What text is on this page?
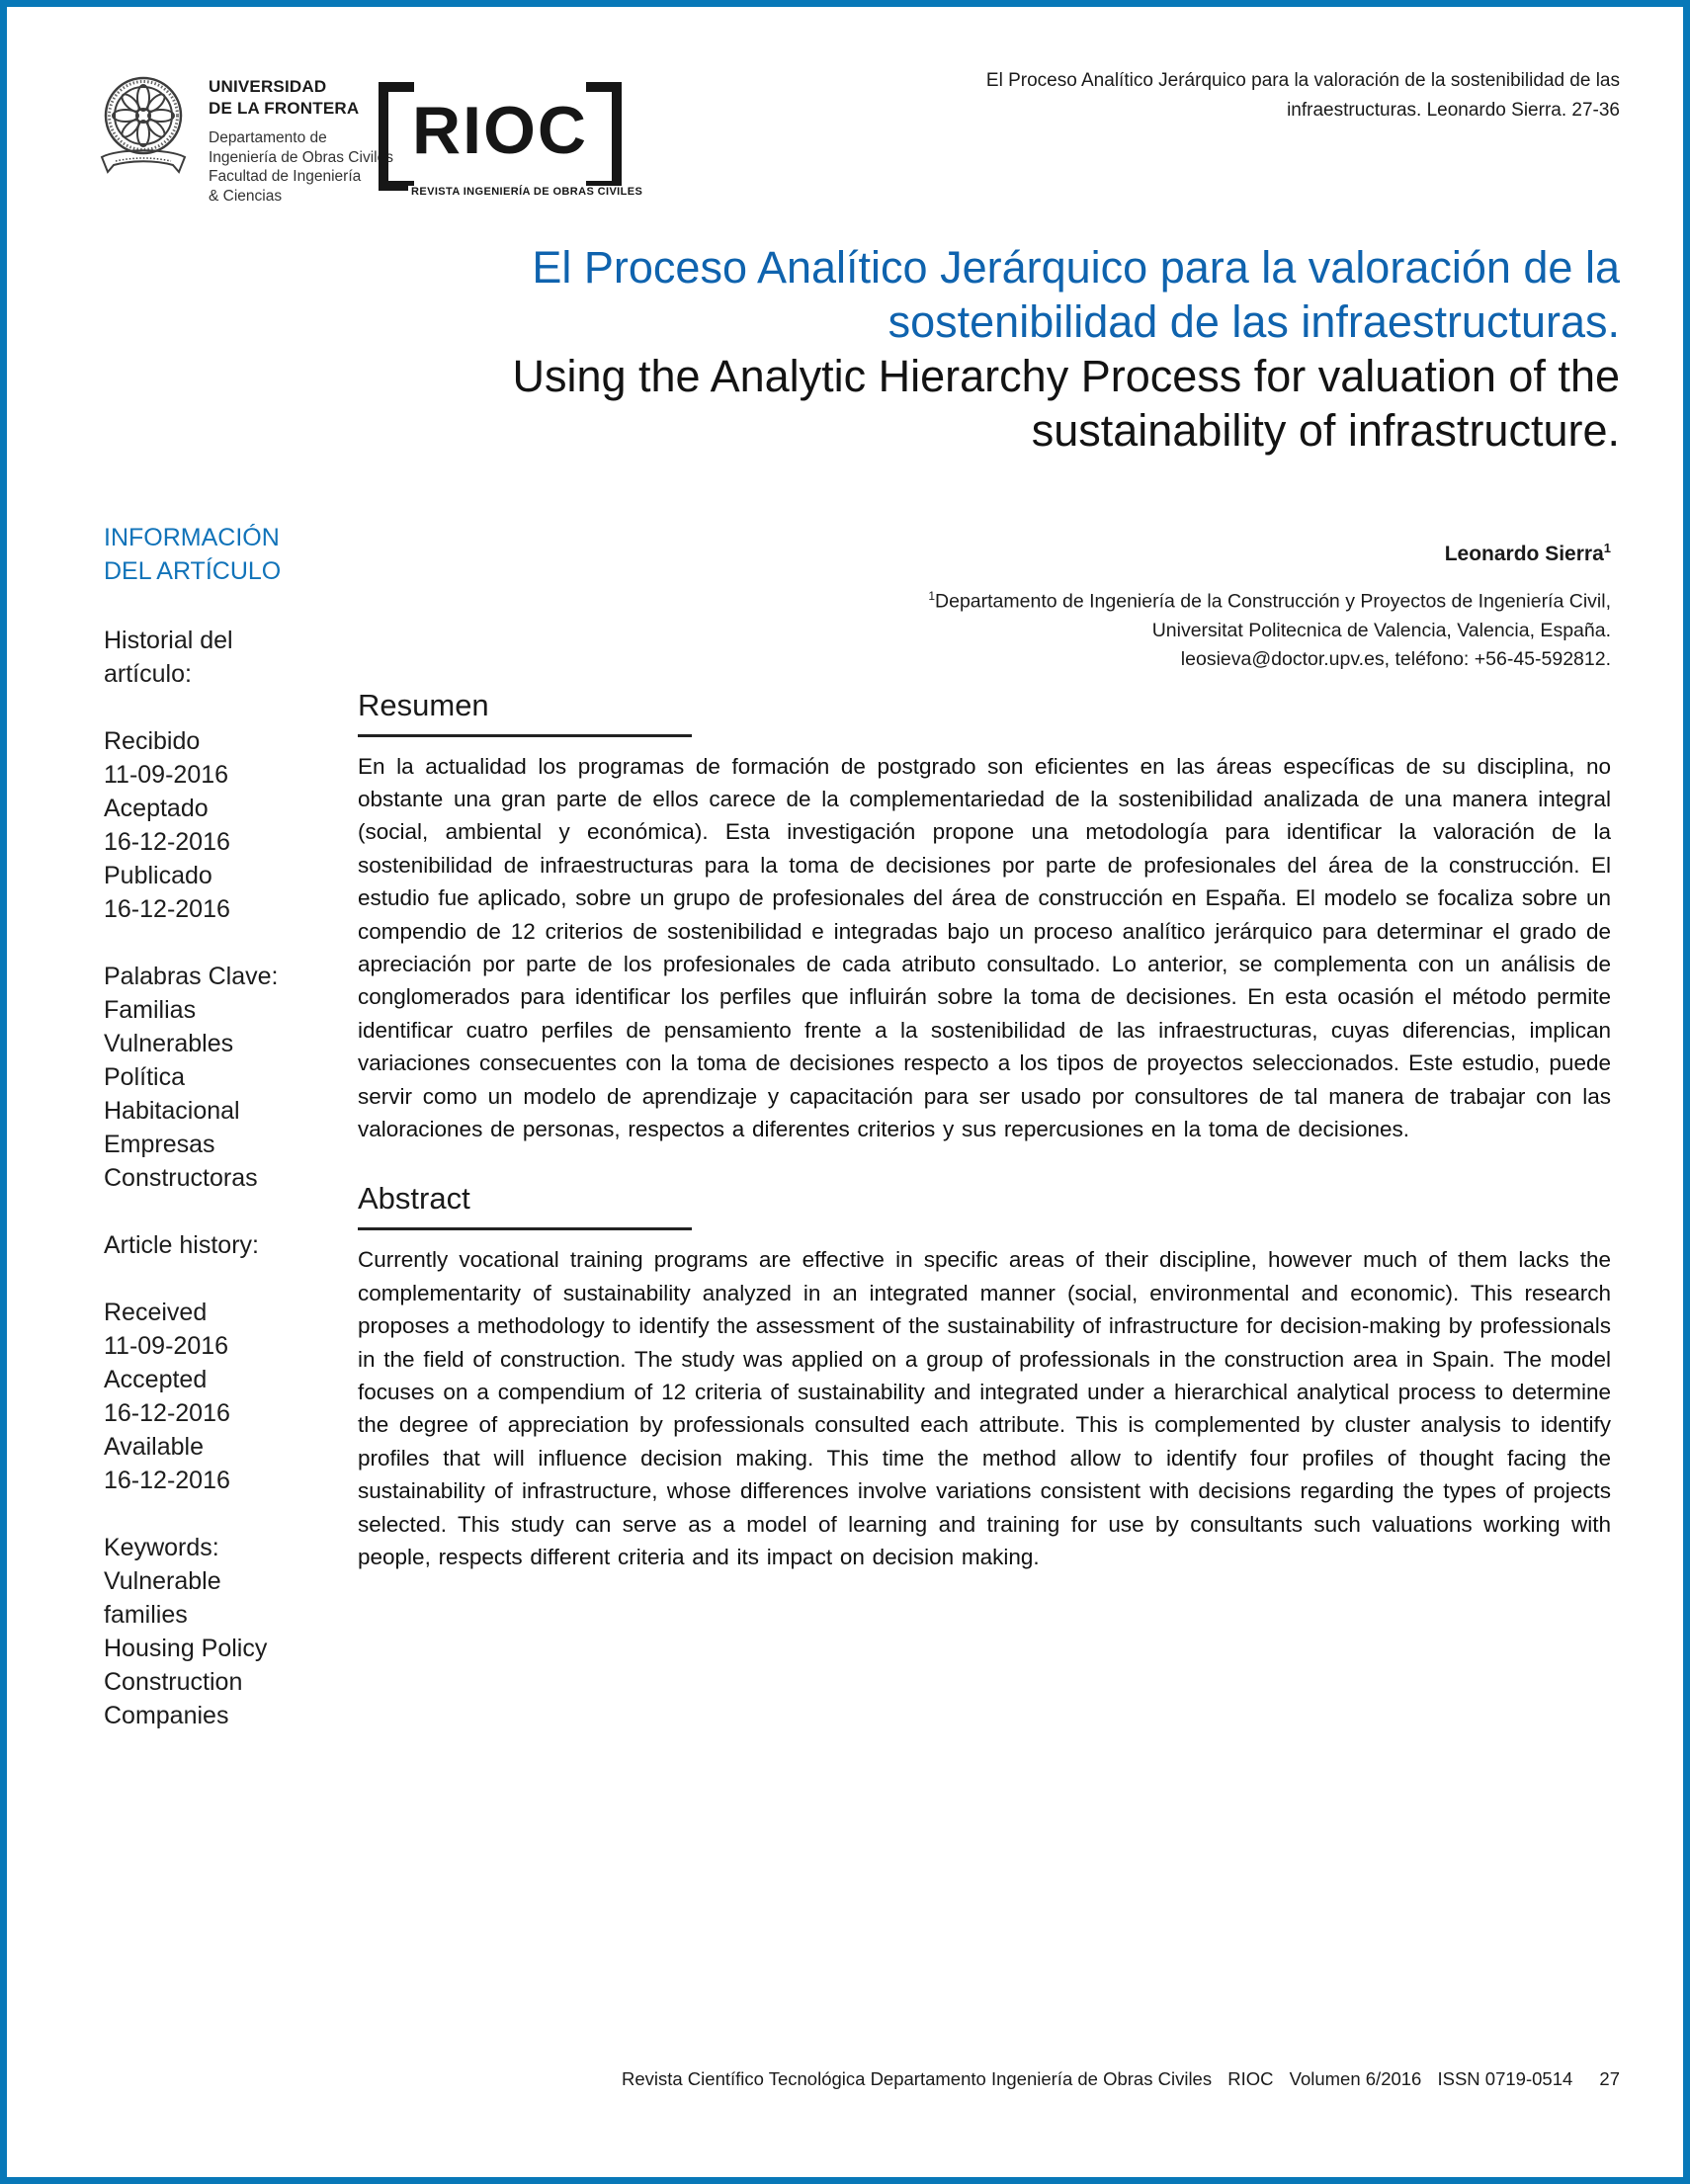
UNIVERSIDAD
DE LA FRONTERA
Departamento de
Ingeniería de Obras Civiles
Facultad de Ingeniería
& Ciencias
RIOC
REVISTA INGENIERÍA DE OBRAS CIVILES
El Proceso Analítico Jerárquico para la valoración de la sostenibilidad de las
infraestructuras. Leonardo Sierra. 27-36
El Proceso Analítico Jerárquico para la valoración de la
sostenibilidad de las infraestructuras.
Using the Analytic Hierarchy Process for valuation of the
sustainability of infrastructure.
INFORMACIÓN
DEL ARTÍCULO
Historial del
artículo:
Recibido
11-09-2016
Aceptado
16-12-2016
Publicado
16-12-2016
Palabras Clave:
Familias
Vulnerables
Política
Habitacional
Empresas
Constructoras
Article history:
Received
11-09-2016
Accepted
16-12-2016
Available
16-12-2016
Keywords:
Vulnerable
families
Housing Policy
Construction
Companies
Leonardo Sierra$^1$
$^1$Departamento de Ingeniería de la Construcción y Proyectos de Ingeniería Civil,
Universitat Politecnica de Valencia, Valencia, España.
leosieva@doctor.upv.es, teléfono: +56-45-592812.
Resumen
En la actualidad los programas de formación de postgrado son eficientes en las áreas específicas de su disciplina, no obstante una gran parte de ellos carece de la complementariedad de la sostenibilidad analizada de una manera integral (social, ambiental y económica). Esta investigación propone una metodología para identificar la valoración de la sostenibilidad de infraestructuras para la toma de decisiones por parte de profesionales del área de la construcción. El estudio fue aplicado, sobre un grupo de profesionales del área de construcción en España. El modelo se focaliza sobre un compendio de 12 criterios de sostenibilidad e integradas bajo un proceso analítico jerárquico para determinar el grado de apreciación por parte de los profesionales de cada atributo consultado. Lo anterior, se complementa con un análisis de conglomerados para identificar los perfiles que influirán sobre la toma de decisiones. En esta ocasión el método permite identificar cuatro perfiles de pensamiento frente a la sostenibilidad de las infraestructuras, cuyas diferencias, implican variaciones consecuentes con la toma de decisiones respecto a los tipos de proyectos seleccionados. Este estudio, puede servir como un modelo de aprendizaje y capacitación para ser usado por consultores de tal manera de trabajar con las valoraciones de personas, respectos a diferentes criterios y sus repercusiones en la toma de decisiones.
Abstract
Currently vocational training programs are effective in specific areas of their discipline, however much of them lacks the complementarity of sustainability analyzed in an integrated manner (social, environmental and economic). This research proposes a methodology to identify the assessment of the sustainability of infrastructure for decision-making by professionals in the field of construction. The study was applied on a group of professionals in the construction area in Spain. The model focuses on a compendium of 12 criteria of sustainability and integrated under a hierarchical analytical process to determine the degree of appreciation by professionals consulted each attribute. This is complemented by cluster analysis to identify profiles that will influence decision making. This time the method allow to identify four profiles of thought facing the sustainability of infrastructure, whose differences involve variations consistent with decisions regarding the types of projects selected. This study can serve as a model of learning and training for use by consultants such valuations working with people, respects different criteria and its impact on decision making.
Revista Científico Tecnológica Departamento Ingeniería de Obras Civiles RIOC Volumen 6/2016 ISSN 0719-0514 27
